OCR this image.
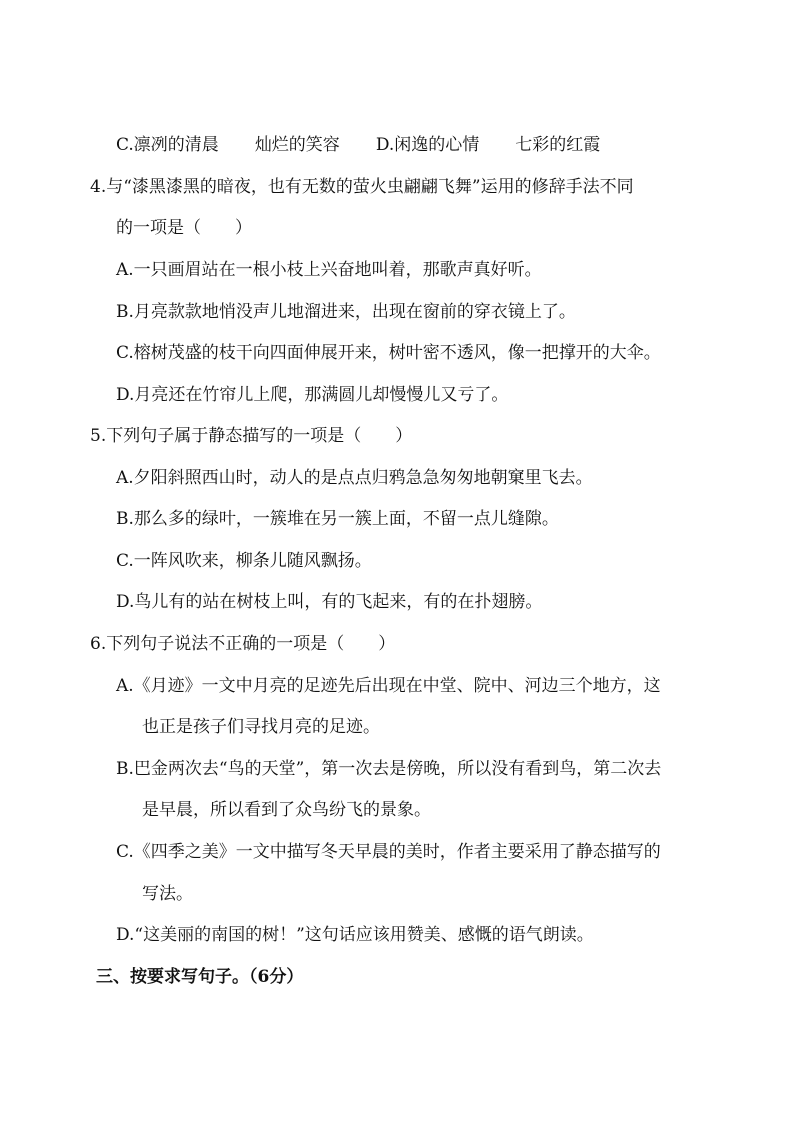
C.凛冽的清晨 灿烂的笑容 D.闲逸的心情 七彩的红霞
4.与“漆黑漆黑的暗夜，也有无数的萤火虫翩翩飞舞”运用的修辞手法不同
的一项是（　　）
A.一只画眉站在一根小枝上兴奋地叫着，那歌声真好听。
B.月亮款款地悄没声儿地溜进来，出现在窗前的穿衣镜上了。
C.榕树茂盛的枝干向四面伸展开来，树叶密不透风，像一把撑开的大伞。
D.月亮还在竹帘儿上爬，那满圆儿却慢慢儿又亏了。
5.下列句子属于静态描写的一项是（　　）
A.夕阳斜照西山时，动人的是点点归鸦急急匆匆地朝窠里飞去。
B.那么多的绿叶，一簇堆在另一簇上面，不留一点儿缝隙。
C.一阵风吹来，柳条儿随风飘扬。
D.鸟儿有的站在树枝上叫，有的飞起来，有的在扑翅膀。
6.下列句子说法不正确的一项是（　　）
A.《月迹》一文中月亮的足迹先后出现在中堂、院中、河边三个地方，这
也正是孩子们寻找月亮的足迹。
B.巴金两次去“鸟的天堂”，第一次去是傍晚，所以没有看到鸟，第二次去
是早晨，所以看到了众鸟纷飞的景象。
C.《四季之美》一文中描写冬天早晨的美时，作者主要采用了静态描写的
写法。
D.“这美丽的南国的树！”这句话应该用赞美、感慨的语气朗读。
三、按要求写句子。（6分）
